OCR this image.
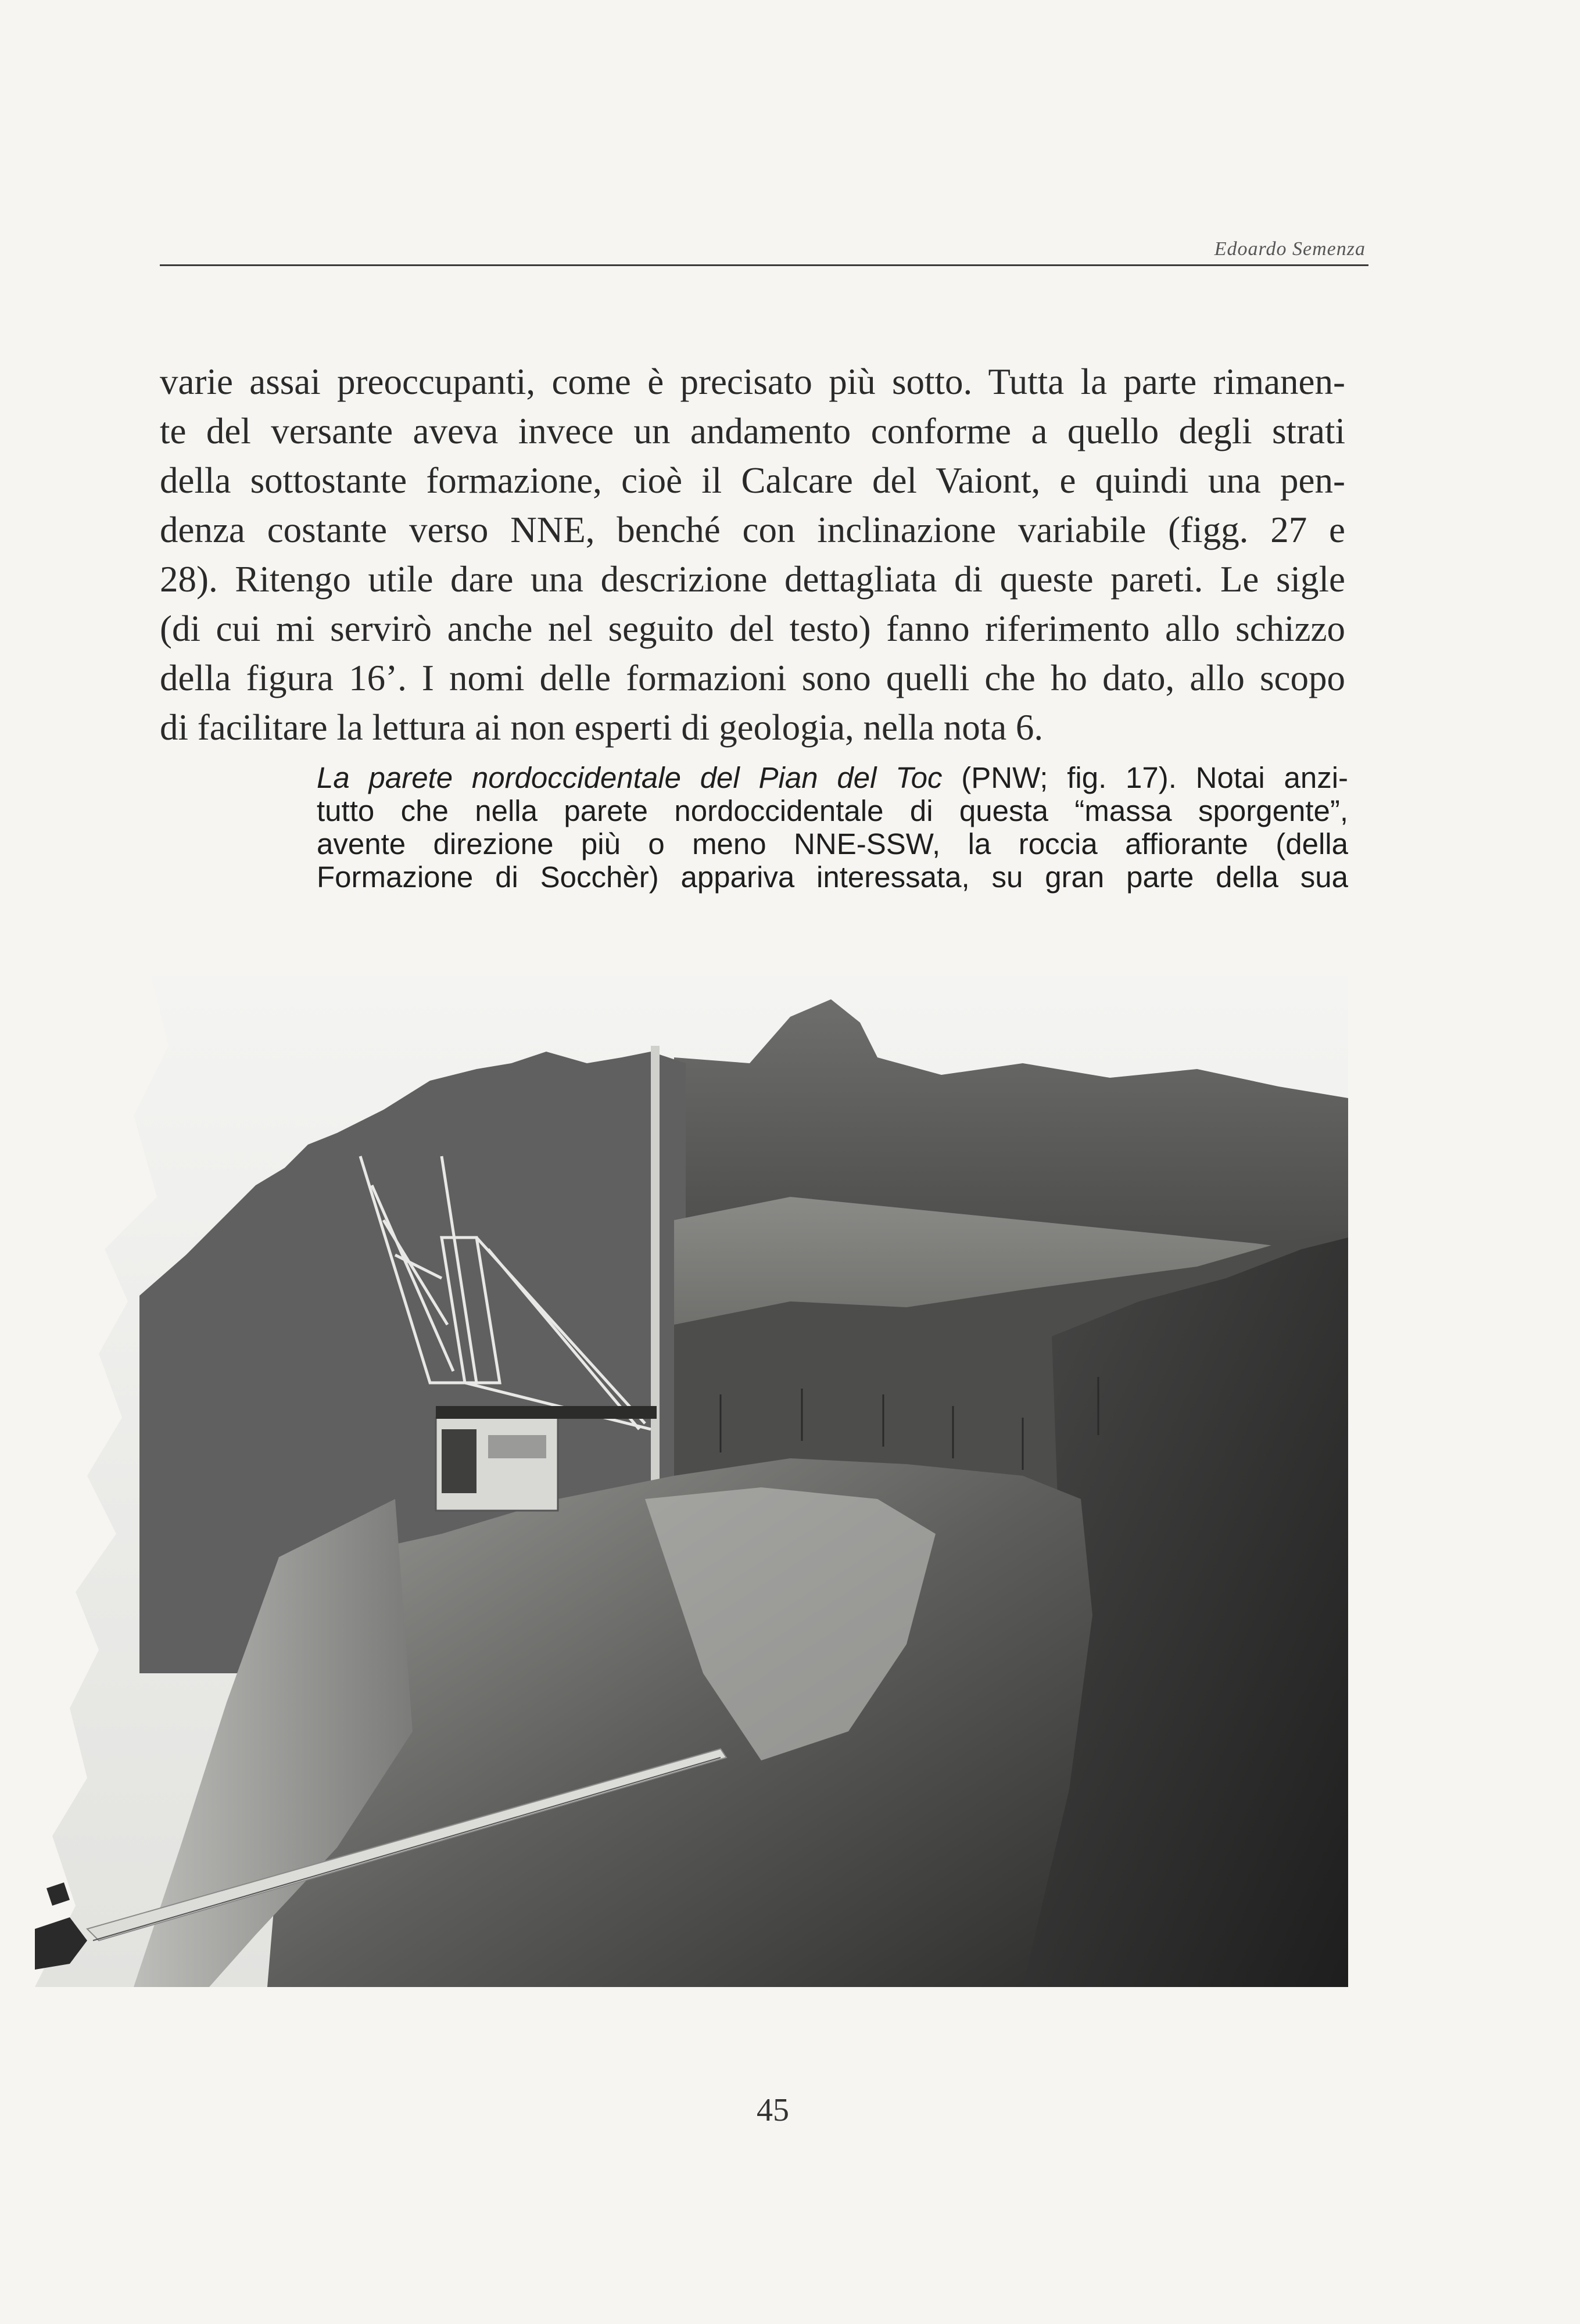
Edoardo Semenza
varie assai preoccupanti, come è precisato più sotto. Tutta la parte rimanen-
te del versante aveva invece un andamento conforme a quello degli strati
della sottostante formazione, cioè il Calcare del Vaiont, e quindi una pen-
denza costante verso NNE, benché con inclinazione variabile (figg. 27 e
28). Ritengo utile dare una descrizione dettagliata di queste pareti. Le sigle
(di cui mi servirò anche nel seguito del testo) fanno riferimento allo schizzo
della figura 16’. I nomi delle formazioni sono quelli che ho dato, allo scopo
di facilitare la lettura ai non esperti di geologia, nella nota 6.
La parete nordoccidentale del Pian del Toc (PNW; fig. 17). Notai anzi-
tutto che nella parete nordoccidentale di questa “massa sporgente”,
avente direzione più o meno NNE-SSW, la roccia affiorante (della
Formazione di Socchèr) appariva interessata, su gran parte della sua
45
